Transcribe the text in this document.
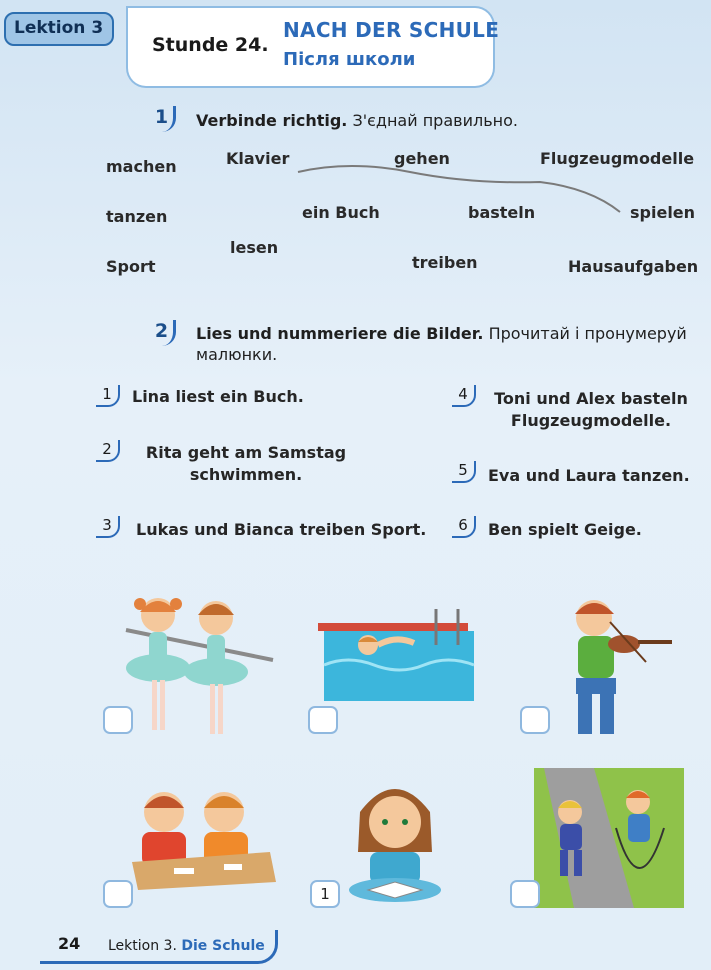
Lektion 3
Stunde 24.
NACH DER SCHULE
Після школи
1	Verbinde richtig. З'єднай правильно.
machen	Klavier	gehen	Flugzeugmodelle
tanzen	ein Buch	basteln	spielen
lesen
Sport	treiben	Hausaufgaben
2	Lies und nummeriere die Bilder. Прочитай і пронумеруй малюнки.
1	Lina liest ein Buch.
2	Rita geht am Samstag schwimmen.
3	Lukas und Bianca treiben Sport.
4	Toni und Alex basteln Flugzeugmodelle.
5	Eva und Laura tanzen.
6	Ben spielt Geige.
1
24 Lektion 3. Die Schule
